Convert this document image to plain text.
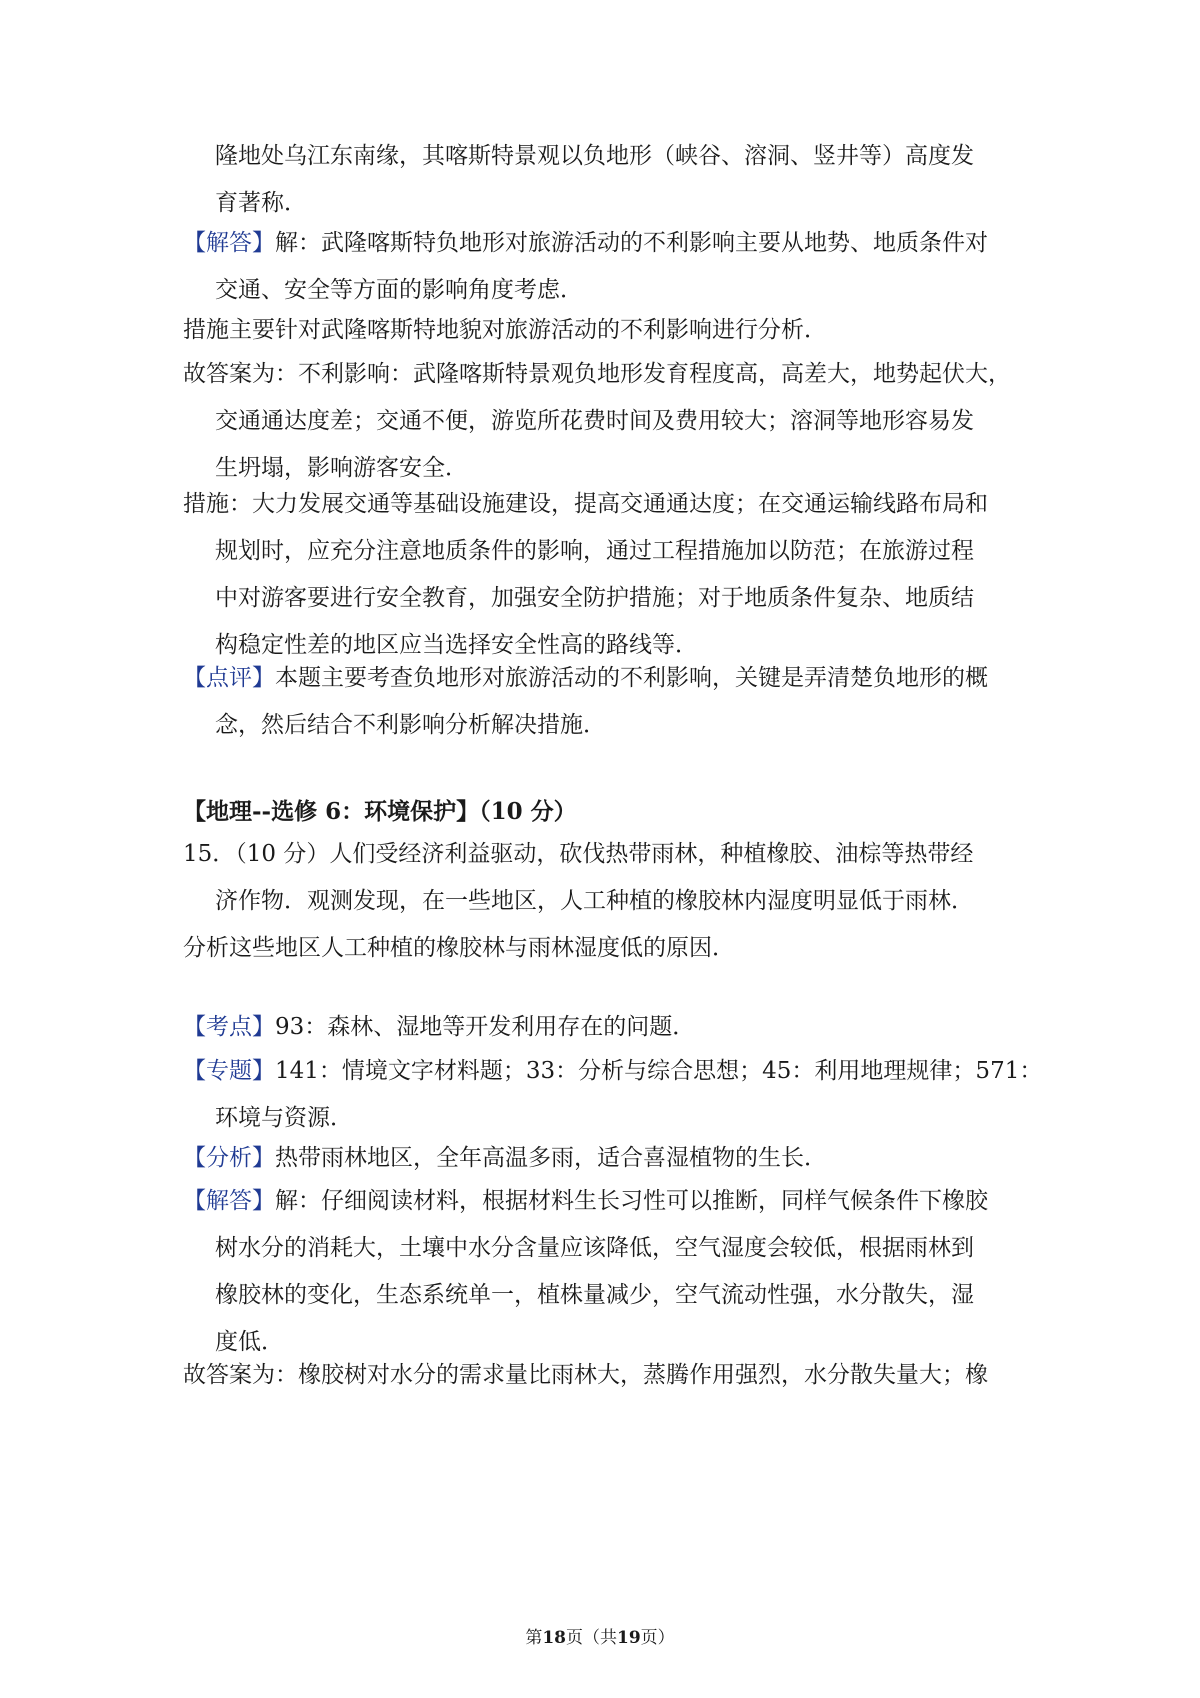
隆地处乌江东南缘，其喀斯特景观以负地形（峡谷、溶洞、竖井等）高度发
育著称．
【解答】解：武隆喀斯特负地形对旅游活动的不利影响主要从地势、地质条件对
交通、安全等方面的影响角度考虑．
措施主要针对武隆喀斯特地貌对旅游活动的不利影响进行分析．
故答案为：不利影响：武隆喀斯特景观负地形发育程度高，高差大，地势起伏大，
交通通达度差；交通不便，游览所花费时间及费用较大；溶洞等地形容易发
生坍塌，影响游客安全．
措施：大力发展交通等基础设施建设，提高交通通达度；在交通运输线路布局和
规划时，应充分注意地质条件的影响，通过工程措施加以防范；在旅游过程
中对游客要进行安全教育，加强安全防护措施；对于地质条件复杂、地质结
构稳定性差的地区应当选择安全性高的路线等．
【点评】本题主要考查负地形对旅游活动的不利影响，关键是弄清楚负地形的概
念，然后结合不利影响分析解决措施．
【地理--选修 6：环境保护】（10 分）
15．（10 分）人们受经济利益驱动，砍伐热带雨林，种植橡胶、油棕等热带经
济作物．观测发现，在一些地区，人工种植的橡胶林内湿度明显低于雨林．
分析这些地区人工种植的橡胶林与雨林湿度低的原因．
【考点】93：森林、湿地等开发利用存在的问题．
【专题】141：情境文字材料题；33：分析与综合思想；45：利用地理规律；571：
环境与资源．
【分析】热带雨林地区，全年高温多雨，适合喜湿植物的生长．
【解答】解：仔细阅读材料，根据材料生长习性可以推断，同样气候条件下橡胶
树水分的消耗大，土壤中水分含量应该降低，空气湿度会较低，根据雨林到
橡胶林的变化，生态系统单一，植株量减少，空气流动性强，水分散失，湿
度低．
故答案为：橡胶树对水分的需求量比雨林大，蒸腾作用强烈，水分散失量大；橡
第18页（共19页）
